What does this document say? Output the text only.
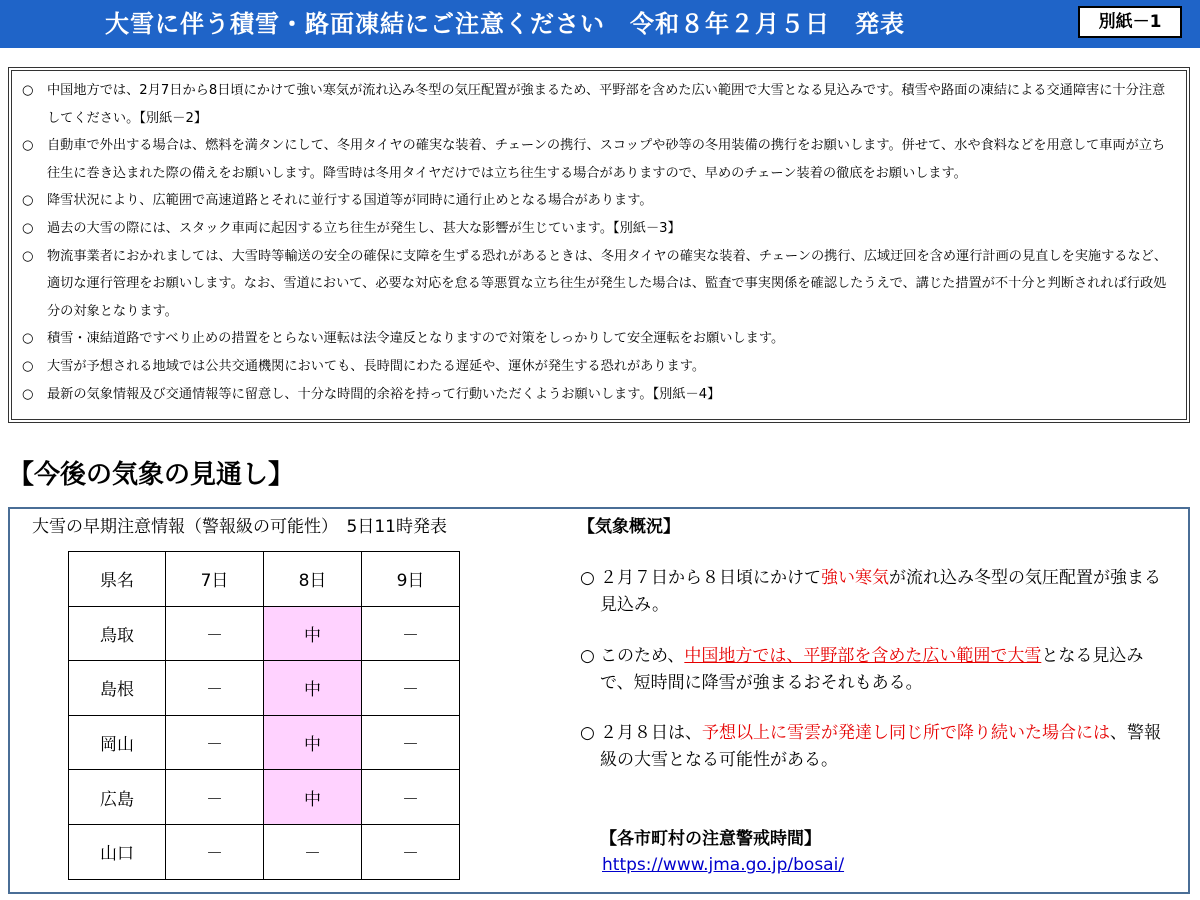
大雪に伴う積雪・路面凍結にご注意ください　令和８年２月５日　発表	別紙－1
○ 中国地方では、2月7日から8日頃にかけて強い寒気が流れ込み冬型の気圧配置が強まるため、平野部を含めた広い範囲で大雪となる見込みです。積雪や路面の凍結による交通障害に十分注意してください。【別紙－2】
○ 自動車で外出する場合は、燃料を満タンにして、冬用タイヤの確実な装着、チェーンの携行、スコップや砂等の冬用装備の携行をお願いします。併せて、水や食料などを用意して車両が立ち往生に巻き込まれた際の備えをお願いします。降雪時は冬用タイヤだけでは立ち往生する場合がありますので、早めのチェーン装着の徹底をお願いします。
○ 降雪状況により、広範囲で高速道路とそれに並行する国道等が同時に通行止めとなる場合があります。
○ 過去の大雪の際には、スタック車両に起因する立ち往生が発生し、甚大な影響が生じています。【別紙－3】
○ 物流事業者におかれましては、大雪時等輸送の安全の確保に支障を生ずる恐れがあるときは、冬用タイヤの確実な装着、チェーンの携行、広域迂回を含め運行計画の見直しを実施するなど、適切な運行管理をお願いします。なお、雪道において、必要な対応を怠る等悪質な立ち往生が発生した場合は、監査で事実関係を確認したうえで、講じた措置が不十分と判断されれば行政処分の対象となります。
○ 積雪・凍結道路ですべり止めの措置をとらない運転は法令違反となりますので対策をしっかりして安全運転をお願いします。
○ 大雪が予想される地域では公共交通機関においても、長時間にわたる遅延や、運休が発生する恐れがあります。
○ 最新の気象情報及び交通情報等に留意し、十分な時間的余裕を持って行動いただくようお願いします。【別紙－4】
【今後の気象の見通し】
大雪の早期注意情報（警報級の可能性）　5日11時発表
県名	7日	8日	9日
鳥取	－	中	－
島根	－	中	－
岡山	－	中	－
広島	－	中	－
山口	－	－	－
【気象概況】
○ ２月７日から８日頃にかけて強い寒気が流れ込み冬型の気圧配置が強まる見込み。
○ このため、中国地方では、平野部を含めた広い範囲で大雪となる見込みで、短時間に降雪が強まるおそれもある。
○ ２月８日は、予想以上に雪雲が発達し同じ所で降り続いた場合には、警報級の大雪となる可能性がある。
【各市町村の注意警戒時間】
https://www.jma.go.jp/bosai/
